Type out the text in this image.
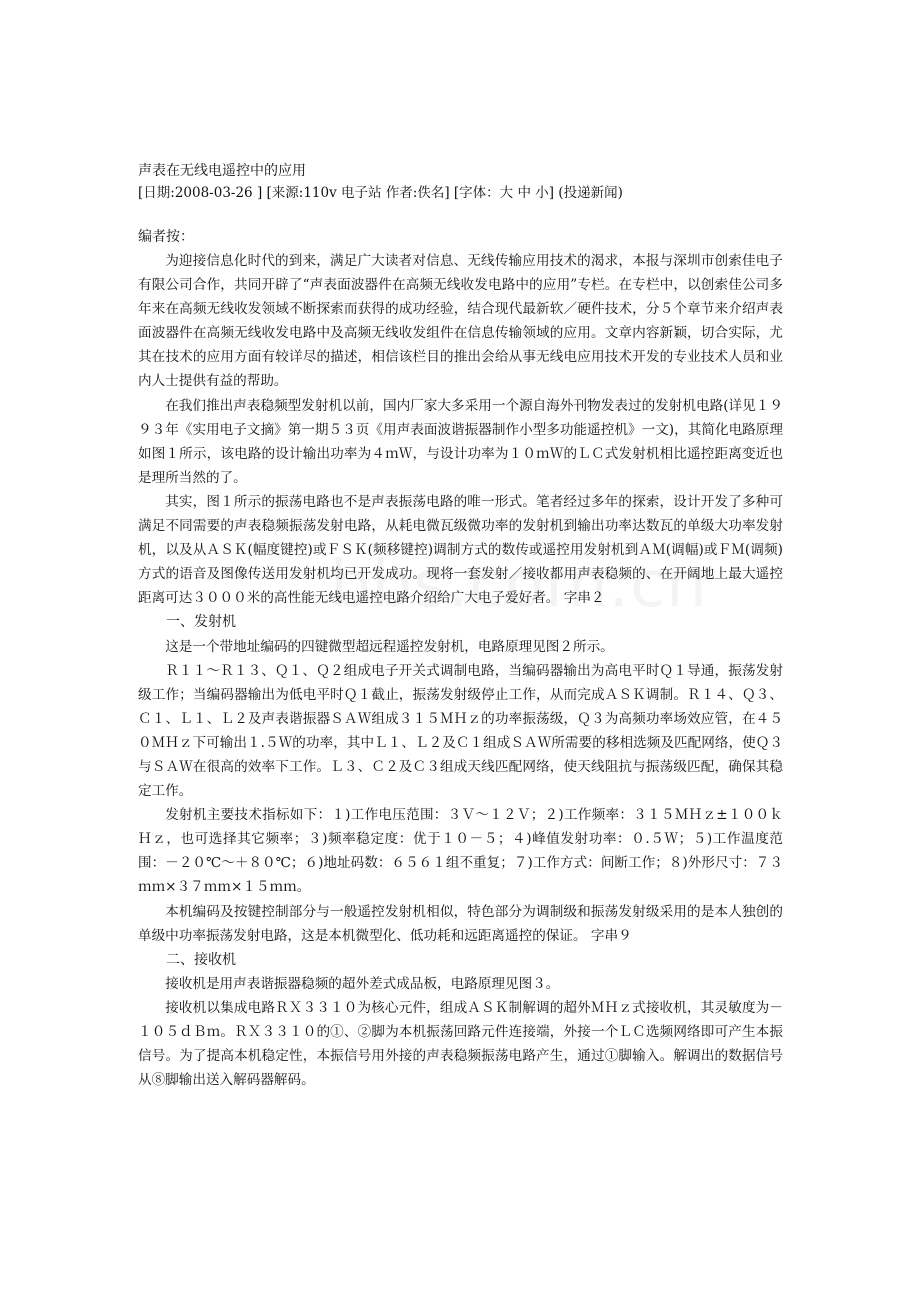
声表在无线电遥控中的应用

[日期:2008-03-26 ] [来源:110v 电子站 作者:佚名] [字体：大 中 小] (投递新闻)

编者按：

为迎接信息化时代的到来，满足广大读者对信息、无线传输应用技术的渴求，本报与深圳市创索佳电子有限公司合作，共同开辟了“声表面波器件在高频无线收发电路中的应用”专栏。在专栏中，以创索佳公司多年来在高频无线收发领域不断探索而获得的成功经验，结合现代最新软／硬件技术，分５个章节来介绍声表面波器件在高频无线收发电路中及高频无线收发组件在信息传输领域的应用。文章内容新颖，切合实际，尤其在技术的应用方面有较详尽的描述，相信该栏目的推出会给从事无线电应用技术开发的专业技术人员和业内人士提供有益的帮助。

在我们推出声表稳频型发射机以前，国内厂家大多采用一个源自海外刊物发表过的发射机电路(详见１９９３年《实用电子文摘》第一期５３页《用声表面波谐振器制作小型多功能遥控机》一文)，其简化电路原理如图１所示，该电路的设计输出功率为４ｍＷ，与设计功率为１０ｍＷ的ＬＣ式发射机相比遥控距离变近也是理所当然的了。

其实，图１所示的振荡电路也不是声表振荡电路的唯一形式。笔者经过多年的探索，设计开发了多种可满足不同需要的声表稳频振荡发射电路，从耗电微瓦级微功率的发射机到输出功率达数瓦的单级大功率发射机，以及从ＡＳＫ(幅度键控)或ＦＳＫ(频移键控)调制方式的数传或遥控用发射机到ＡＭ(调幅)或ＦＭ(调频)方式的语音及图像传送用发射机均已开发成功。现将一套发射／接收都用声表稳频的、在开阔地上最大遥控距离可达３０００米的高性能无线电遥控电路介绍给广大电子爱好者。 字串２

一、发射机

这是一个带地址编码的四键微型超远程遥控发射机，电路原理见图２所示。

Ｒ１１～Ｒ１３、Ｑ１、Ｑ２组成电子开关式调制电路，当编码器输出为高电平时Ｑ１导通，振荡发射级工作；当编码器输出为低电平时Ｑ１截止，振荡发射级停止工作，从而完成ＡＳＫ调制。Ｒ１４、Ｑ３、Ｃ１、Ｌ１、Ｌ２及声表谐振器ＳＡＷ组成３１５ＭＨｚ的功率振荡级，Ｑ３为高频功率场效应管，在４５０ＭＨｚ下可输出１.５Ｗ的功率，其中Ｌ１、Ｌ２及Ｃ１组成ＳＡＷ所需要的移相选频及匹配网络，使Ｑ３与ＳＡＷ在很高的效率下工作。Ｌ３、Ｃ２及Ｃ３组成天线匹配网络，使天线阻抗与振荡级匹配，确保其稳定工作。

发射机主要技术指标如下：１)工作电压范围：３Ｖ～１２Ｖ；２)工作频率：３１５ＭＨｚ±１００ｋＨｚ，也可选择其它频率；３)频率稳定度：优于１０－５；４)峰值发射功率：０.５Ｗ；５)工作温度范围：－２０℃～＋８０℃；６)地址码数：６５６１组不重复；７)工作方式：间断工作；８)外形尺寸：７３ｍｍ×３７ｍｍ×１５ｍｍ。

本机编码及按键控制部分与一般遥控发射机相似，特色部分为调制级和振荡发射级采用的是本人独创的单级中功率振荡发射电路，这是本机微型化、低功耗和远距离遥控的保证。 字串９

二、接收机

接收机是用声表谐振器稳频的超外差式成品板，电路原理见图３。

接收机以集成电路ＲＸ３３１０为核心元件，组成ＡＳＫ制解调的超外ＭＨｚ式接收机，其灵敏度为－１０５ｄＢｍ。ＲＸ３３１０的①、②脚为本机振荡回路元件连接端，外接一个ＬＣ选频网络即可产生本振信号。为了提高本机稳定性，本振信号用外接的声表稳频振荡电路产生，通过①脚输入。解调出的数据信号从⑧脚输出送入解码器解码。
